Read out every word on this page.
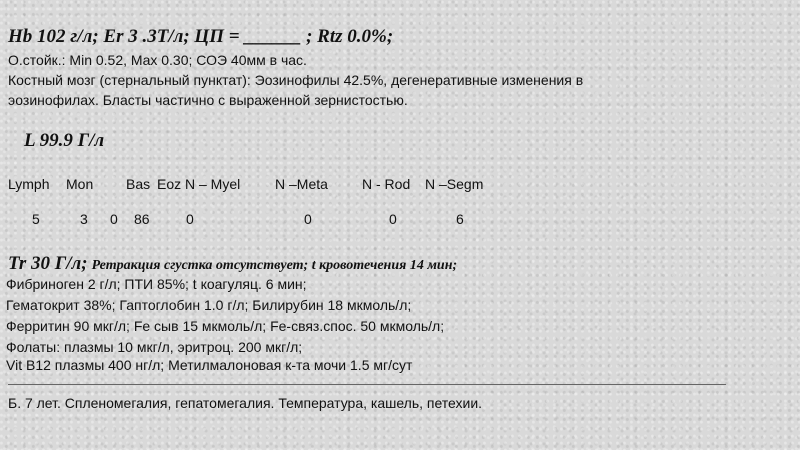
Hb 102 г/л; Er 3 .3Т/л; ЦП = ______ ; Rtz 0.0%;
О.стойк.: Min 0.52, Max 0.30; СОЭ 40мм в час.
Костный мозг (стернальный пунктат): Эозинофилы 42.5%, дегенеративные изменения в
эозинофилах. Бласты частично с выраженной зернистостью.
L 99.9 Г/л
Lymph Mon Bas Eoz N – Myel N –Meta N - Rod N –Segm
5	3 0 86	0	0	0	6
Tr 30 Г/л; Ретракция сгустка отсутствует; t кровотечения 14 мин;
Фибриноген 2 г/л; ПТИ 85%; t коагуляц. 6 мин;
Гематокрит 38%; Гаптоглобин 1.0 г/л; Билирубин 18 мкмоль/л;
Ферритин 90 мкг/л; Fe сыв 15 мкмоль/л; Fe-связ.спос. 50 мкмоль/л;
Фолаты: плазмы 10 мкг/л, эритроц. 200 мкг/л;
Vit B12 плазмы 400 нг/л; Метилмалоновая к-та мочи 1.5 мг/сут
Б. 7 лет. Спленомегалия, гепатомегалия. Температура, кашель, петехии.
